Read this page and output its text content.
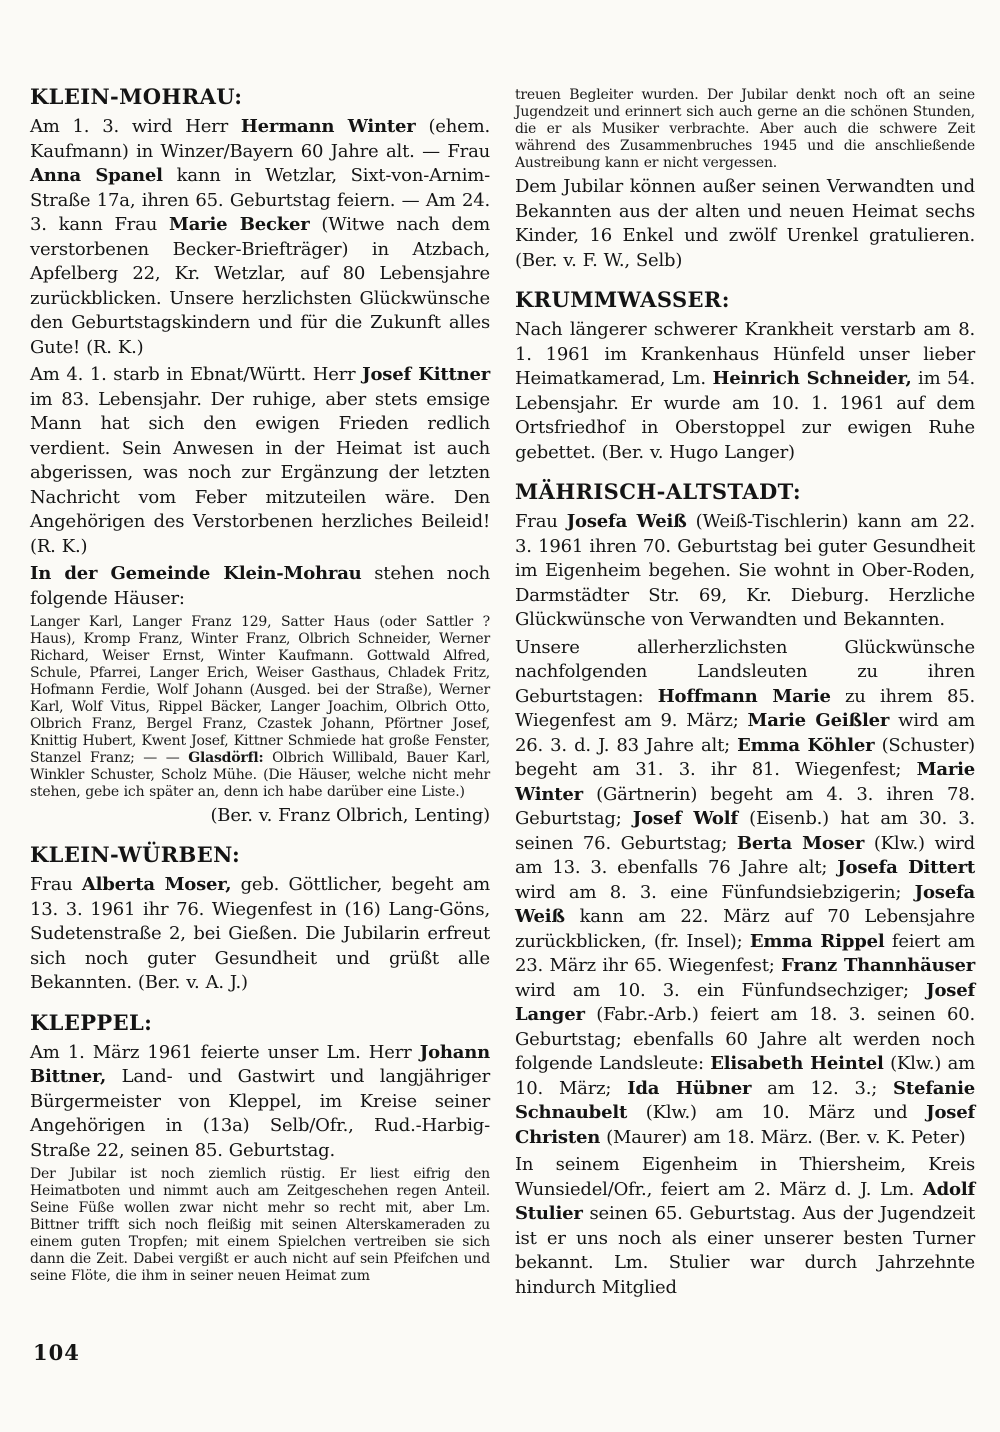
KLEIN-MOHRAU:
Am 1. 3. wird Herr Hermann Winter (ehem. Kaufmann) in Winzer/Bayern 60 Jahre alt. — Frau Anna Spanel kann in Wetzlar, Sixt-von-Arnim-Straße 17a, ihren 65. Geburtstag feiern. — Am 24. 3. kann Frau Marie Becker (Witwe nach dem verstorbenen Becker-Briefträger) in Atzbach, Apfelberg 22, Kr. Wetzlar, auf 80 Lebensjahre zurückblicken. Unsere herzlichsten Glückwünsche den Geburtstagskindern und für die Zukunft alles Gute! (R. K.)
Am 4. 1. starb in Ebnat/Württ. Herr Josef Kittner im 83. Lebensjahr. Der ruhige, aber stets emsige Mann hat sich den ewigen Frieden redlich verdient. Sein Anwesen in der Heimat ist auch abgerissen, was noch zur Ergänzung der letzten Nachricht vom Feber mitzuteilen wäre. Den Angehörigen des Verstorbenen herzliches Beileid! (R. K.)
In der Gemeinde Klein-Mohrau stehen noch folgende Häuser:
Langer Karl, Langer Franz 129, Satter Haus (oder Sattler ? Haus), Kromp Franz, Winter Franz, Olbrich Schneider, Werner Richard, Weiser Ernst, Winter Kaufmann. Gottwald Alfred, Schule, Pfarrei, Langer Erich, Weiser Gasthaus, Chladek Fritz, Hofmann Ferdie, Wolf Johann (Ausged. bei der Straße), Werner Karl, Wolf Vitus, Rippel Bäcker, Langer Joachim, Olbrich Otto, Olbrich Franz, Bergel Franz, Czastek Johann, Pförtner Josef, Knittig Hubert, Kwent Josef, Kittner Schmiede hat große Fenster, Stanzel Franz; — — Glasdörfl: Olbrich Willibald, Bauer Karl, Winkler Schuster, Scholz Mühe. (Die Häuser, welche nicht mehr stehen, gebe ich später an, denn ich habe darüber eine Liste.)
(Ber. v. Franz Olbrich, Lenting)
KLEIN-WÜRBEN:
Frau Alberta Moser, geb. Göttlicher, begeht am 13. 3. 1961 ihr 76. Wiegenfest in (16) Lang-Göns, Sudetenstraße 2, bei Gießen. Die Jubilarin erfreut sich noch guter Gesundheit und grüßt alle Bekannten. (Ber. v. A. J.)
KLEPPEL:
Am 1. März 1961 feierte unser Lm. Herr Johann Bittner, Land- und Gastwirt und langjähriger Bürgermeister von Kleppel, im Kreise seiner Angehörigen in (13a) Selb/Ofr., Rud.-Harbig-Straße 22, seinen 85. Geburtstag.
Der Jubilar ist noch ziemlich rüstig. Er liest eifrig den Heimatboten und nimmt auch am Zeitgeschehen regen Anteil. Seine Füße wollen zwar nicht mehr so recht mit, aber Lm. Bittner trifft sich noch fleißig mit seinen Alterskameraden zu einem guten Tropfen; mit einem Spielchen vertreiben sie sich dann die Zeit. Dabei vergißt er auch nicht auf sein Pfeifchen und seine Flöte, die ihm in seiner neuen Heimat zum
treuen Begleiter wurden. Der Jubilar denkt noch oft an seine Jugendzeit und erinnert sich auch gerne an die schönen Stunden, die er als Musiker verbrachte. Aber auch die schwere Zeit während des Zusammenbruches 1945 und die anschließende Austreibung kann er nicht vergessen.
Dem Jubilar können außer seinen Verwandten und Bekannten aus der alten und neuen Heimat sechs Kinder, 16 Enkel und zwölf Urenkel gratulieren. (Ber. v. F. W., Selb)
KRUMMWASSER:
Nach längerer schwerer Krankheit verstarb am 8. 1. 1961 im Krankenhaus Hünfeld unser lieber Heimatkamerad, Lm. Heinrich Schneider, im 54. Lebensjahr. Er wurde am 10. 1. 1961 auf dem Ortsfriedhof in Oberstoppel zur ewigen Ruhe gebettet. (Ber. v. Hugo Langer)
MÄHRISCH-ALTSTADT:
Frau Josefa Weiß (Weiß-Tischlerin) kann am 22. 3. 1961 ihren 70. Geburtstag bei guter Gesundheit im Eigenheim begehen. Sie wohnt in Ober-Roden, Darmstädter Str. 69, Kr. Dieburg. Herzliche Glückwünsche von Verwandten und Bekannten.
Unsere allerherzlichsten Glückwünsche nachfolgenden Landsleuten zu ihren Geburtstagen: Hoffmann Marie zu ihrem 85. Wiegenfest am 9. März; Marie Geißler wird am 26. 3. d. J. 83 Jahre alt; Emma Köhler (Schuster) begeht am 31. 3. ihr 81. Wiegenfest; Marie Winter (Gärtnerin) begeht am 4. 3. ihren 78. Geburtstag; Josef Wolf (Eisenb.) hat am 30. 3. seinen 76. Geburtstag; Berta Moser (Klw.) wird am 13. 3. ebenfalls 76 Jahre alt; Josefa Dittert wird am 8. 3. eine Fünfundsiebzigerin; Josefa Weiß kann am 22. März auf 70 Lebensjahre zurückblicken, (fr. Insel); Emma Rippel feiert am 23. März ihr 65. Wiegenfest; Franz Thannhäuser wird am 10. 3. ein Fünfundsechziger; Josef Langer (Fabr.-Arb.) feiert am 18. 3. seinen 60. Geburtstag; ebenfalls 60 Jahre alt werden noch folgende Landsleute: Elisabeth Heintel (Klw.) am 10. März; Ida Hübner am 12. 3.; Stefanie Schnaubelt (Klw.) am 10. März und Josef Christen (Maurer) am 18. März. (Ber. v. K. Peter)
In seinem Eigenheim in Thiersheim, Kreis Wunsiedel/Ofr., feiert am 2. März d. J. Lm. Adolf Stulier seinen 65. Geburtstag. Aus der Jugendzeit ist er uns noch als einer unserer besten Turner bekannt. Lm. Stulier war durch Jahrzehnte hindurch Mitglied
104
